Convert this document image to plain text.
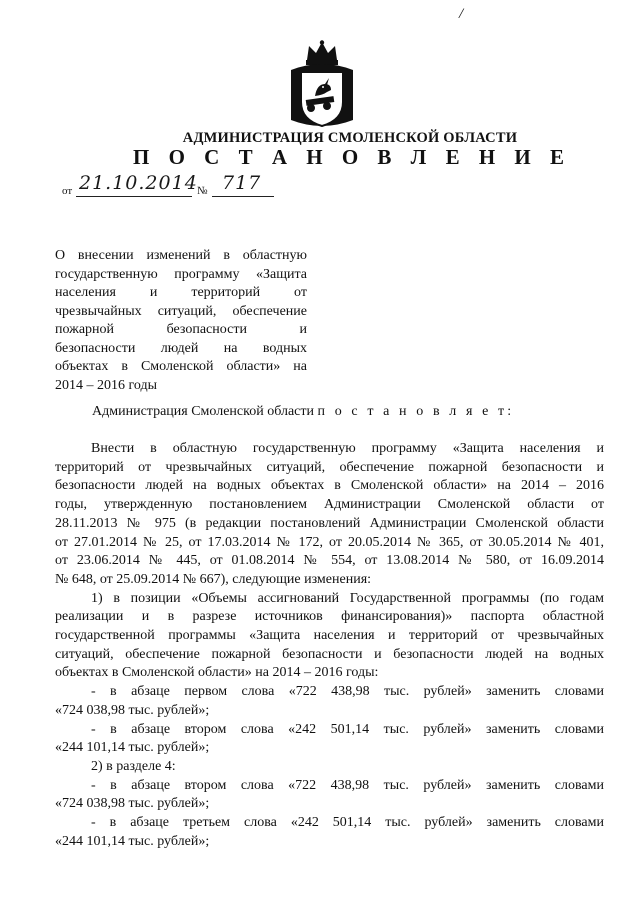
/
АДМИНИСТРАЦИЯ СМОЛЕНСКОЙ ОБЛАСТИ
П О С Т А Н О В Л Е Н И Е
от 21.10.2014 № 717
О внесении изменений в областную
государственную программу «Защита
населения и территорий от
чрезвычайных ситуаций, обеспечение
пожарной безопасности и
безопасности людей на водных
объектах в Смоленской области» на
2014 – 2016 годы
Администрация Смоленской области п о с т а н о в л я е т:
Внести в областную государственную программу «Защита населения и
территорий от чрезвычайных ситуаций, обеспечение пожарной безопасности и
безопасности людей на водных объектах в Смоленской области» на 2014 – 2016
годы, утвержденную постановлением Администрации Смоленской области от
28.11.2013 № 975 (в редакции постановлений Администрации Смоленской области
от 27.01.2014 № 25, от 17.03.2014 № 172, от 20.05.2014 № 365, от 30.05.2014 № 401,
от 23.06.2014 № 445, от 01.08.2014 № 554, от 13.08.2014 № 580, от 16.09.2014
№ 648, от 25.09.2014 № 667), следующие изменения:
1) в позиции «Объемы ассигнований Государственной программы (по годам
реализации и в разрезе источников финансирования)» паспорта областной
государственной программы «Защита населения и территорий от чрезвычайных
ситуаций, обеспечение пожарной безопасности и безопасности людей на водных
объектах в Смоленской области» на 2014 – 2016 годы:
- в абзаце первом слова «722 438,98 тыс. рублей» заменить словами
«724 038,98 тыс. рублей»;
- в абзаце втором слова «242 501,14 тыс. рублей» заменить словами
«244 101,14 тыс. рублей»;
2) в разделе 4:
- в абзаце втором слова «722 438,98 тыс. рублей» заменить словами
«724 038,98 тыс. рублей»;
- в абзаце третьем слова «242 501,14 тыс. рублей» заменить словами
«244 101,14 тыс. рублей»;
